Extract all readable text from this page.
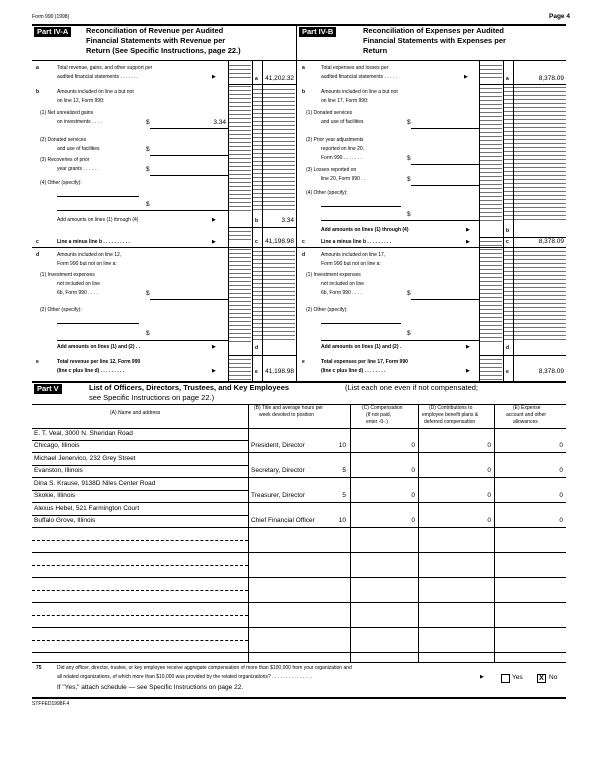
Form 990 (1998)	Page 4
Part IV-A	Reconciliation of Revenue per Audited
Financial Statements with Revenue per
Return (See Specific Instructions, page 22.)
Part IV-B	Reconciliation of Expenses per Audited
Financial Statements with Expenses per
Return
a	Total revenue, gains, and other support per
audited financial statements . . . . . . .	▶	a	41,202.32
b	Amounts included on line a but not
on line 12, Form 990:
(1) Net unrealized gains
on investments . . . .	$	3.34
(2) Donated services
and use of facilities	$
(3) Recoveries of prior
year grants . . . . . .	$
(4) Other (specify):
$
Add amounts on lines (1) through (4)	▶	b	3.34
c	Line a minus line b . . . . . . . . . .	▶	c	41,198.98
d	Amounts included on line 12,
Form 990 but not on line a:
(1) Investment expenses
not included on line
6b, Form 990 . . . .	$
(2) Other (specify):
$
Add amounts on lines (1) and (2) . .	▶	d
e	Total revenue per line 12, Form 990
(line c plus line d) . . . . . . . . .	▶	e	41,198.98
a	Total expenses and losses per
audited financial statements . . . . .	▶	a	8,378.09
b	Amounts included on line a but not
on line 17, Form 990:
(1) Donated services
and use of facilities	$
(2) Prior year adjustments
reported on line 20,
Form 990 . . . . . . .	$
(3) Losses reported on
line 20, Form 990 . .	$
(4) Other (specify):
$
Add amounts on lines (1) through (4)	▶	b
c	Line a minus line b . . . . . . . . .	▶	c	8,378.09
d	Amounts included on line 17,
Form 990 but not on line a:
(1) Investment expenses
not included on line
6b, Form 990 . . . .	$
(2) Other (specify):
$
Add amounts on lines (1) and (2) .	▶	d
e	Total expenses per line 17, Form 990
(line c plus line d) . . . . . . . .	▶	e	8,378.09
Part V	List of Officers, Directors, Trustees, and Key Employees	(List each one even if not compensated;
see Specific Instructions on page 22.)
(A) Name and address
(B) Title and average hours per
week devoted to position
(C) Compensation
(If not paid,
enter -0-.)
(D) Contributions to
employee benefit plans &
deferred compensation
(E) Expense
account and other
allowances
E. T. Veal, 3000 N. Sheridan Road
Chicago, Illinois	President, Director	10	0	0	0
Michael Jenervico, 232 Grey Street
Evanston, Illinois	Secretary, Director	5	0	0	0
Dina S. Krause, 9138D Niles Center Road
Skokie, Illinois	Treasurer, Director	5	0	0	0
Alexus Hebel, 521 Farmington Court
Buffalo Grove, Illinois	Chief Financial Officer	10	0	0	0
75	Did any officer, director, trustee, or key employee receive aggregate compensation of more than $100,000 from your organization and
all related organizations, of which more than $10,000 was provided by the related organizations? . . . . . . . . . . . . . . .	▶
If "Yes," attach schedule — see Specific Instructions on page 22.
Yes	X No
STFFED1998F.4
